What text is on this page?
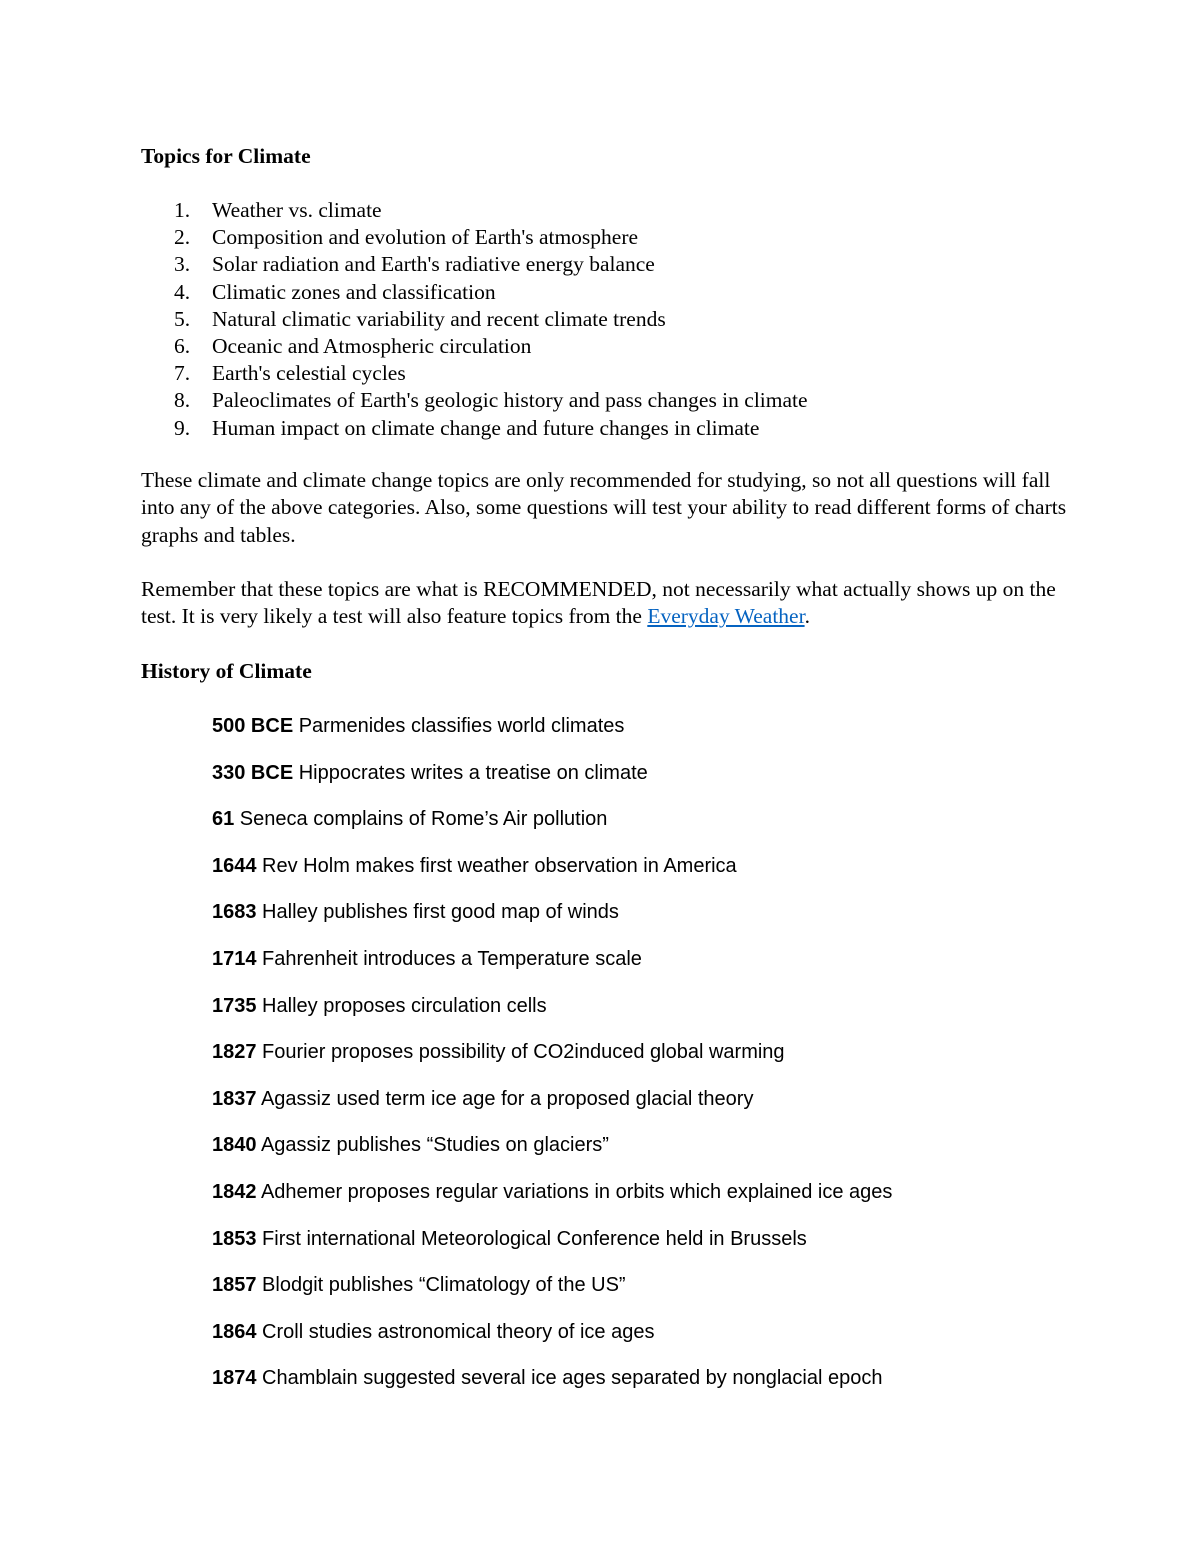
Topics for Climate
1. Weather vs. climate
2. Composition and evolution of Earth's atmosphere
3. Solar radiation and Earth's radiative energy balance
4. Climatic zones and classification
5. Natural climatic variability and recent climate trends
6. Oceanic and Atmospheric circulation
7. Earth's celestial cycles
8. Paleoclimates of Earth's geologic history and pass changes in climate
9. Human impact on climate change and future changes in climate

These climate and climate change topics are only recommended for studying, so not all questions will fall into any of the above categories. Also, some questions will test your ability to read different forms of charts graphs and tables.

Remember that these topics are what is RECOMMENDED, not necessarily what actually shows up on the test. It is very likely a test will also feature topics from the Everyday Weather.

History of Climate
500 BCE Parmenides classifies world climates
330 BCE Hippocrates writes a treatise on climate
61 Seneca complains of Rome’s Air pollution
1644 Rev Holm makes first weather observation in America
1683 Halley publishes first good map of winds
1714 Fahrenheit introduces a Temperature scale
1735 Halley proposes circulation cells
1827 Fourier proposes possibility of CO2induced global warming
1837 Agassiz used term ice age for a proposed glacial theory
1840 Agassiz publishes “Studies on glaciers”
1842 Adhemer proposes regular variations in orbits which explained ice ages
1853 First international Meteorological Conference held in Brussels
1857 Blodgit publishes “Climatology of the US”
1864 Croll studies astronomical theory of ice ages
1874 Chamblain suggested several ice ages separated by nonglacial epoch
